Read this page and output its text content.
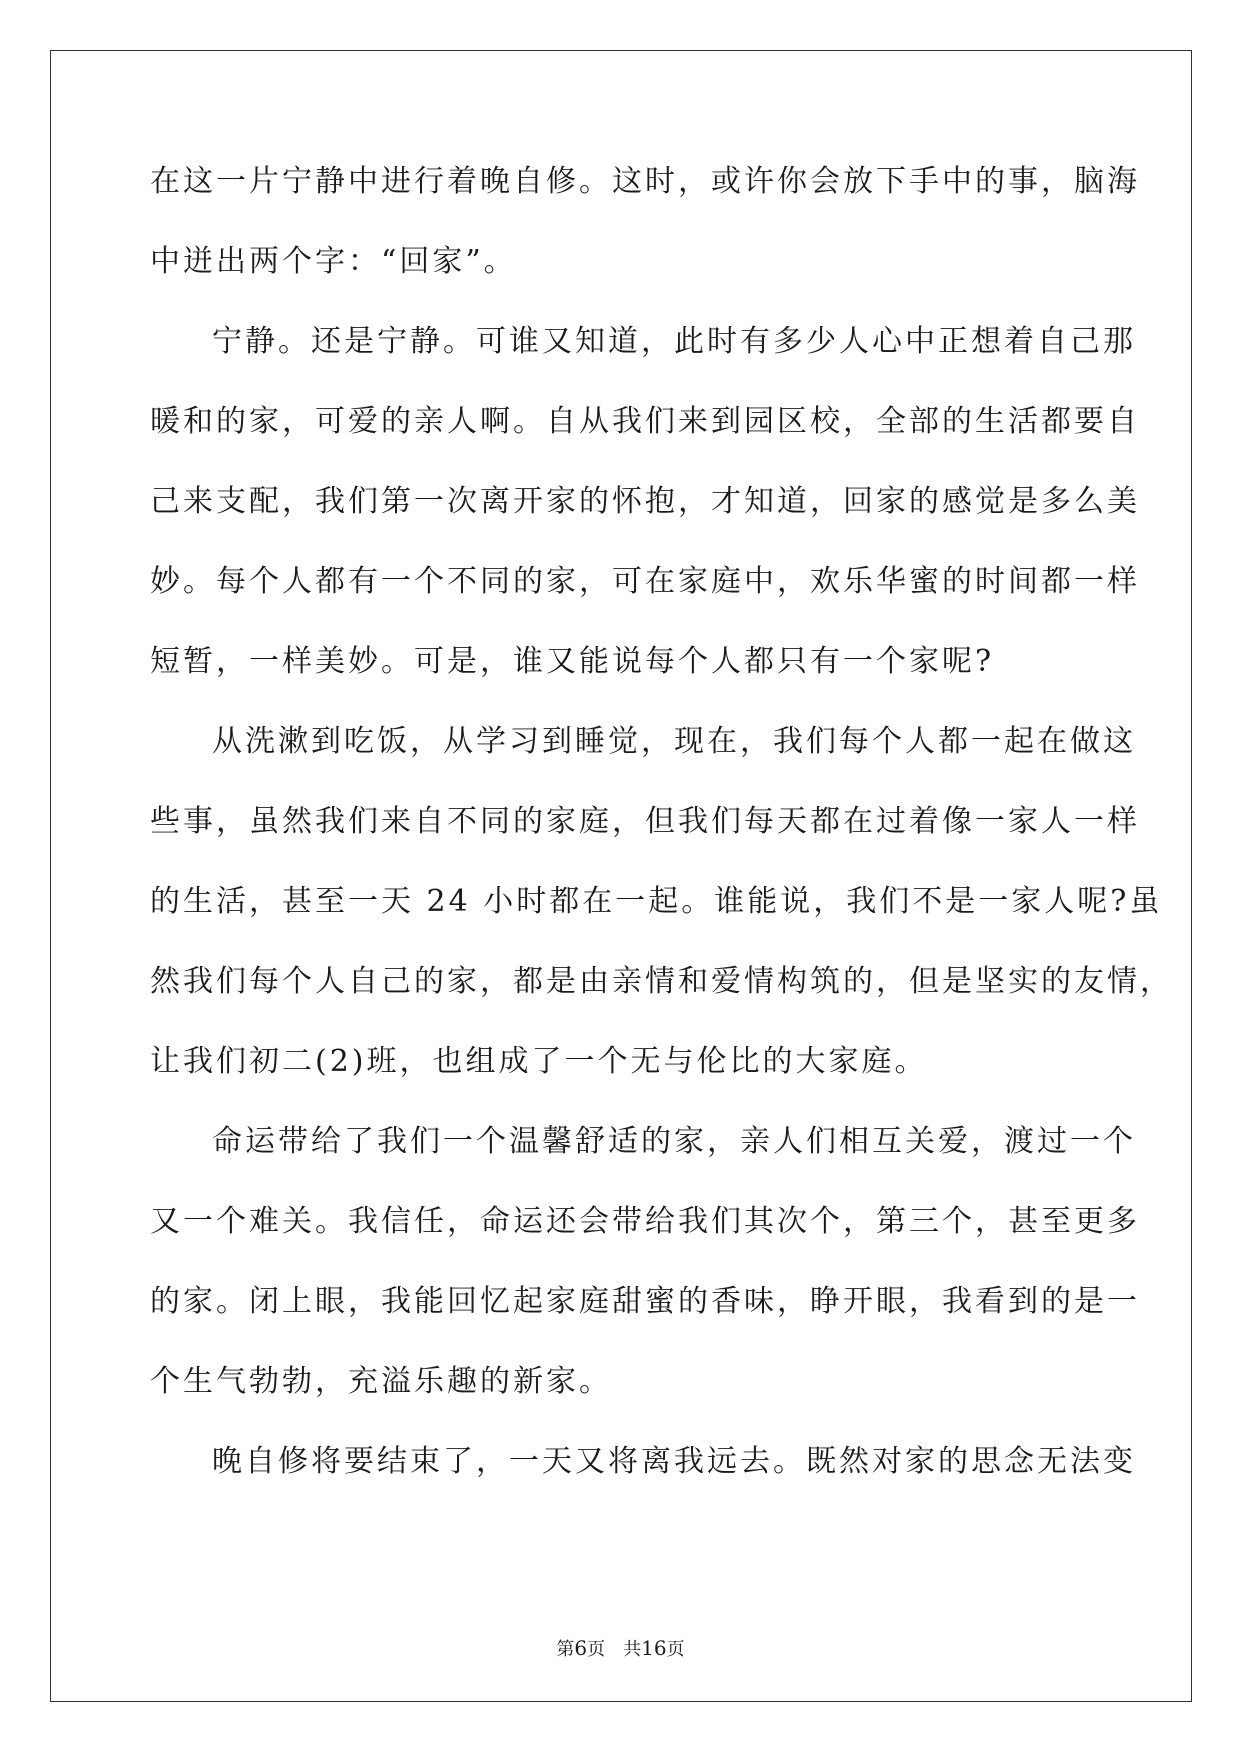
在这一片宁静中进行着晚自修。这时，或许你会放下手中的事，脑海
中迸出两个字：“回家”。
宁静。还是宁静。可谁又知道，此时有多少人心中正想着自己那
暖和的家，可爱的亲人啊。自从我们来到园区校，全部的生活都要自
己来支配，我们第一次离开家的怀抱，才知道，回家的感觉是多么美
妙。每个人都有一个不同的家，可在家庭中，欢乐华蜜的时间都一样
短暂，一样美妙。可是，谁又能说每个人都只有一个家呢?
从洗漱到吃饭，从学习到睡觉，现在，我们每个人都一起在做这
些事，虽然我们来自不同的家庭，但我们每天都在过着像一家人一样
的生活，甚至一天 24 小时都在一起。谁能说，我们不是一家人呢?虽
然我们每个人自己的家，都是由亲情和爱情构筑的，但是坚实的友情，
让我们初二(2)班，也组成了一个无与伦比的大家庭。
命运带给了我们一个温馨舒适的家，亲人们相互关爱，渡过一个
又一个难关。我信任，命运还会带给我们其次个，第三个，甚至更多
的家。闭上眼，我能回忆起家庭甜蜜的香味，睁开眼，我看到的是一
个生气勃勃，充溢乐趣的新家。
晚自修将要结束了，一天又将离我远去。既然对家的思念无法变
第6页 共16页
